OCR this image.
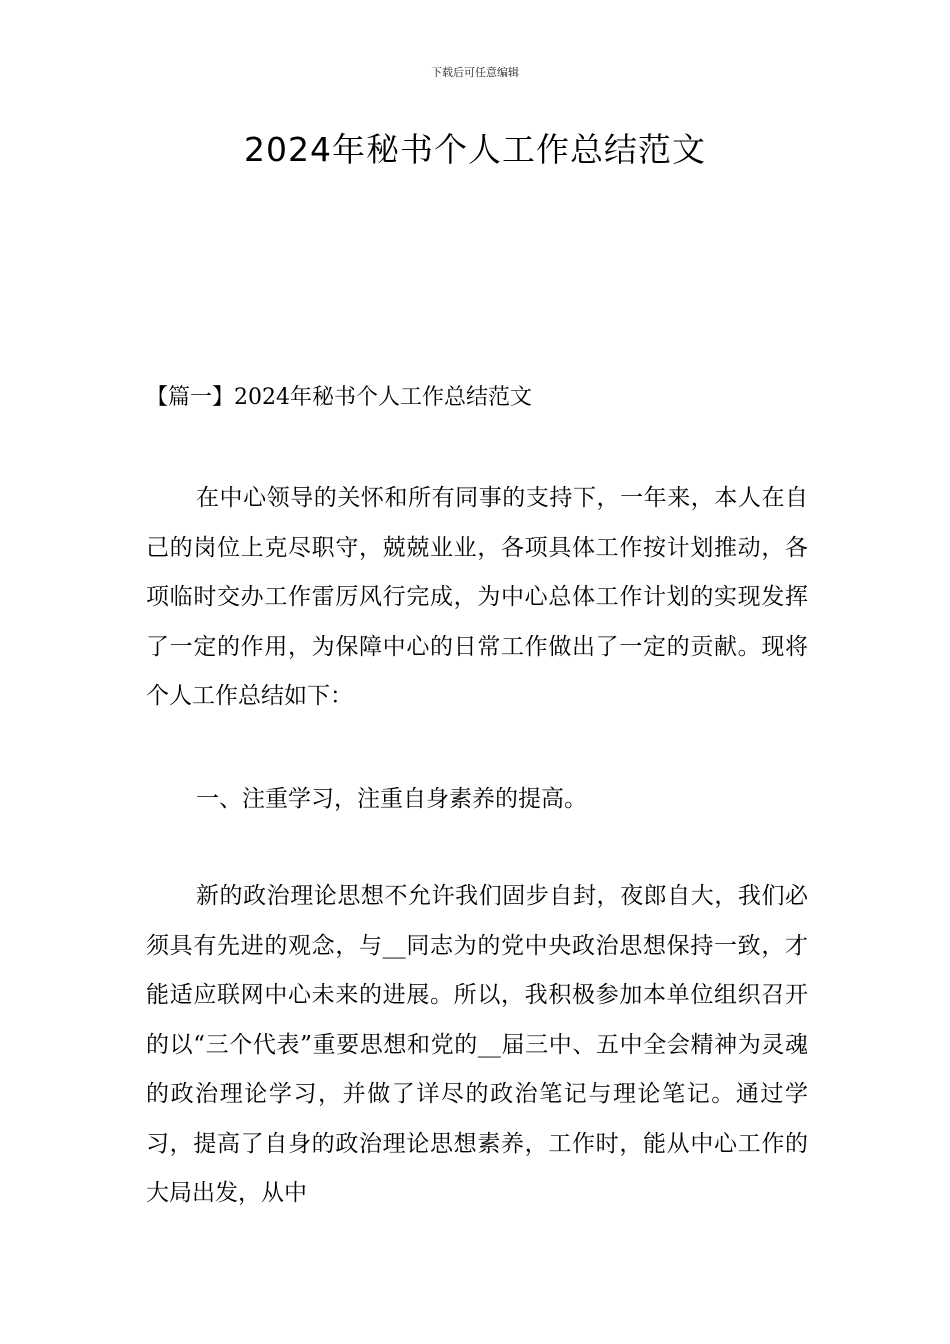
下载后可任意编辑
2024年秘书个人工作总结范文
【篇一】2024年秘书个人工作总结范文

在中心领导的关怀和所有同事的支持下，一年来，本人在自己的岗位上克尽职守，兢兢业业，各项具体工作按计划推动，各项临时交办工作雷厉风行完成，为中心总体工作计划的实现发挥了一定的作用，为保障中心的日常工作做出了一定的贡献。现将个人工作总结如下：

一、注重学习，注重自身素养的提高。

新的政治理论思想不允许我们固步自封，夜郎自大，我们必须具有先进的观念，与__同志为的党中央政治思想保持一致，才能适应联网中心未来的进展。所以，我积极参加本单位组织召开的以“三个代表”重要思想和党的__届三中、五中全会精神为灵魂的政治理论学习，并做了详尽的政治笔记与理论笔记。通过学习，提高了自身的政治理论思想素养，工作时，能从中心工作的大局出发，从中
